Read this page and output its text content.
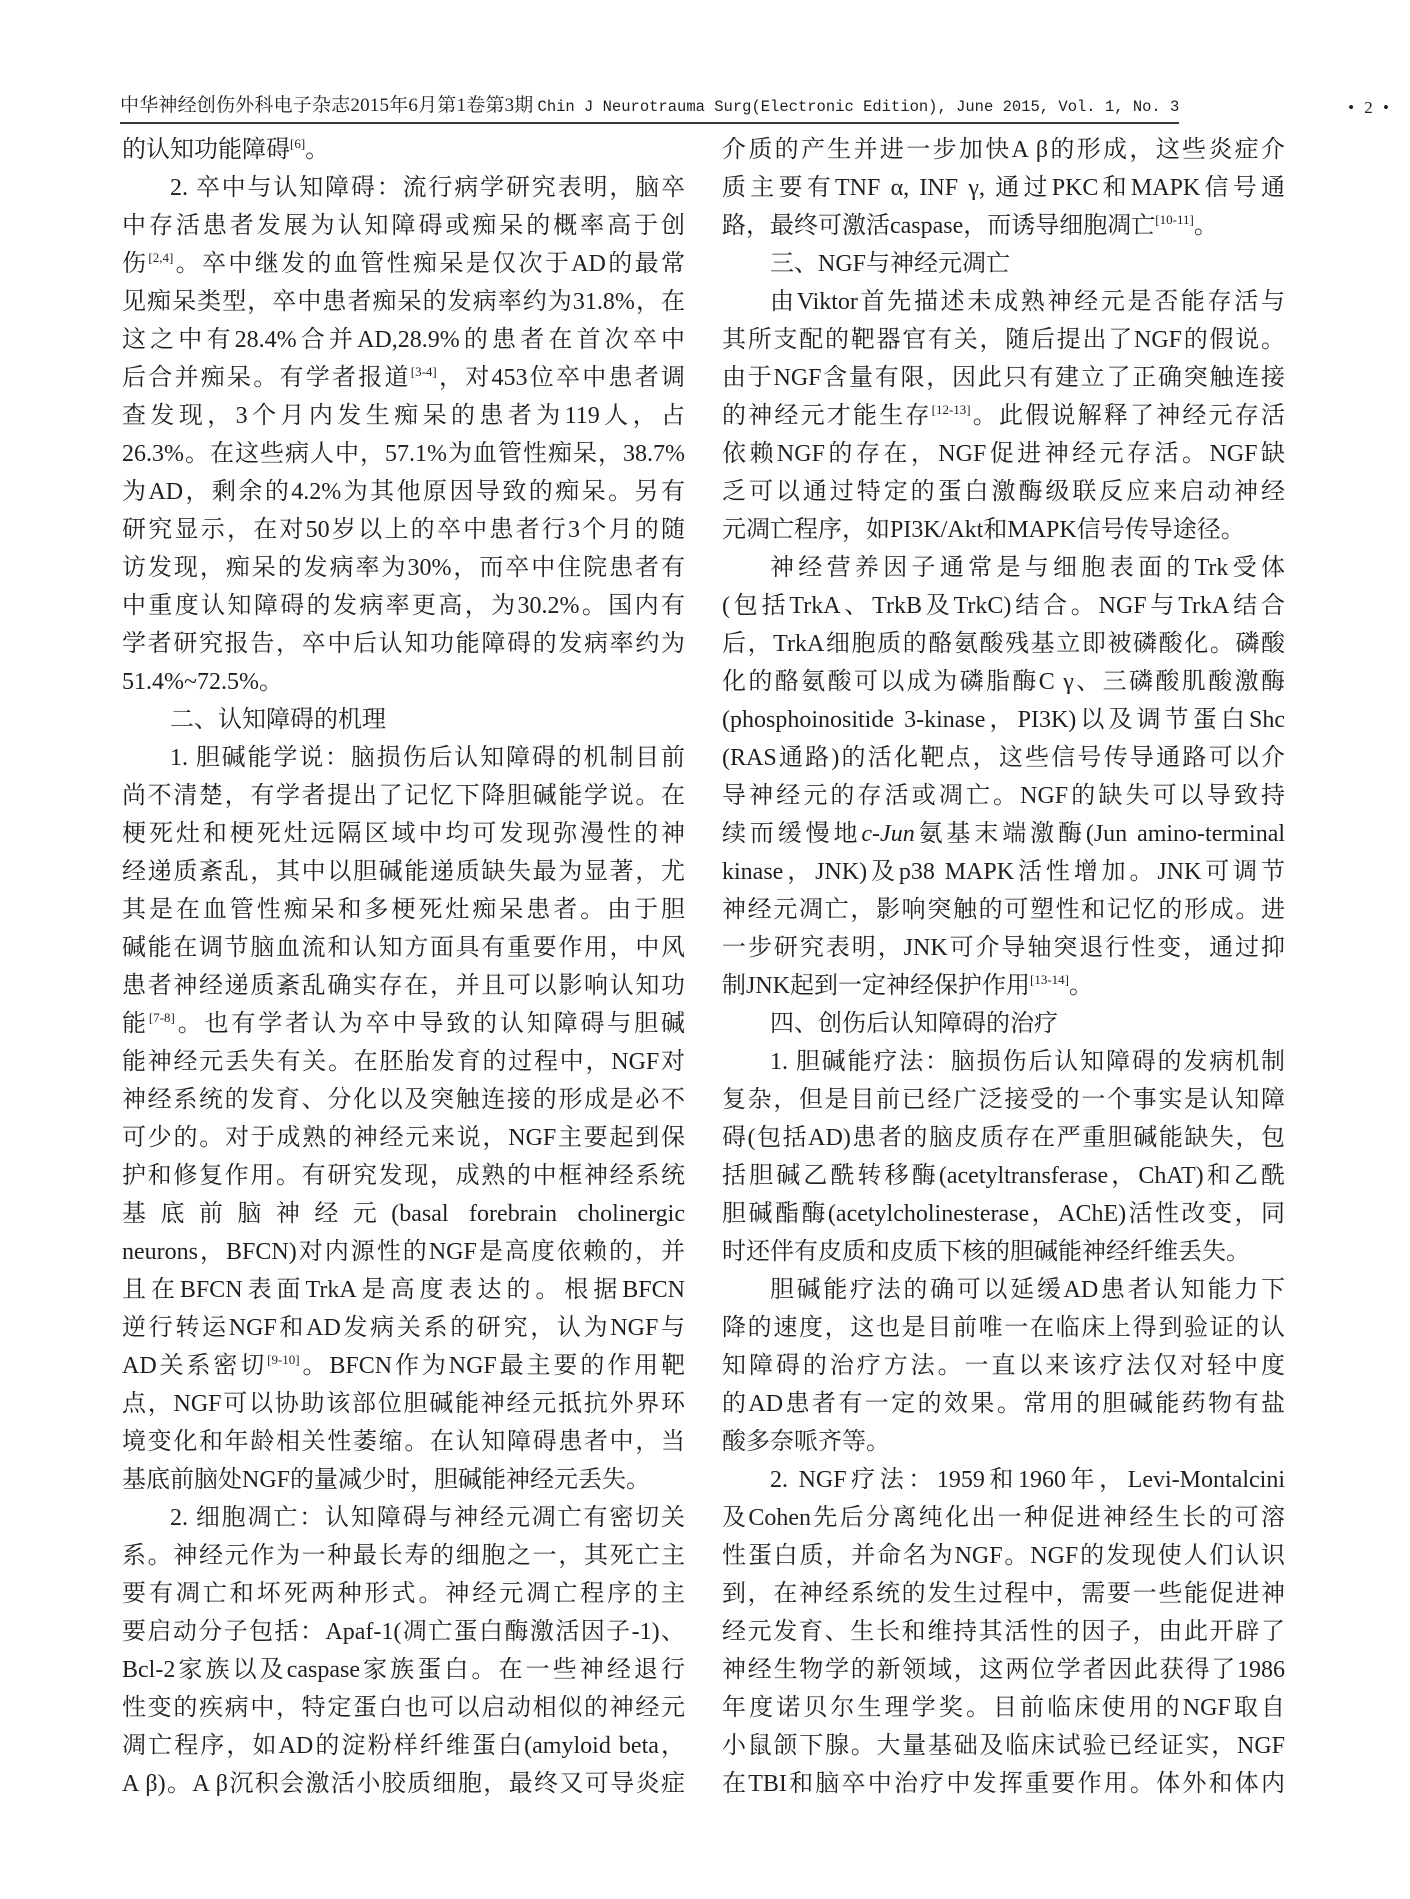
中华神经创伤外科电子杂志2015年6月第1卷第3期 Chin J Neurotrauma Surg(Electronic Edition), June 2015, Vol. 1, No. 3	• 2 •
的认知功能障碍[6]。
2. 卒中与认知障碍：流行病学研究表明，脑卒
中存活患者发展为认知障碍或痴呆的概率高于创
伤[2,4]。卒中继发的血管性痴呆是仅次于AD的最常
见痴呆类型，卒中患者痴呆的发病率约为31.8%，在
这之中有28.4%合并AD,28.9%的患者在首次卒中
后合并痴呆。有学者报道[3-4]，对453位卒中患者调
查发现，3个月内发生痴呆的患者为119人，占
26.3%。在这些病人中，57.1%为血管性痴呆，38.7%
为AD，剩余的4.2%为其他原因导致的痴呆。另有
研究显示，在对50岁以上的卒中患者行3个月的随
访发现，痴呆的发病率为30%，而卒中住院患者有
中重度认知障碍的发病率更高，为30.2%。国内有
学者研究报告，卒中后认知功能障碍的发病率约为
51.4%~72.5%。
二、认知障碍的机理
1. 胆碱能学说：脑损伤后认知障碍的机制目前
尚不清楚，有学者提出了记忆下降胆碱能学说。在
梗死灶和梗死灶远隔区域中均可发现弥漫性的神
经递质紊乱，其中以胆碱能递质缺失最为显著，尤
其是在血管性痴呆和多梗死灶痴呆患者。由于胆
碱能在调节脑血流和认知方面具有重要作用，中风
患者神经递质紊乱确实存在，并且可以影响认知功
能[7-8]。也有学者认为卒中导致的认知障碍与胆碱
能神经元丢失有关。在胚胎发育的过程中，NGF对
神经系统的发育、分化以及突触连接的形成是必不
可少的。对于成熟的神经元来说，NGF主要起到保
护和修复作用。有研究发现，成熟的中框神经系统
基底前脑神经元(basal forebrain cholinergic
neurons，BFCN)对内源性的NGF是高度依赖的，并
且在BFCN表面TrkA是高度表达的。根据BFCN
逆行转运NGF和AD发病关系的研究，认为NGF与
AD关系密切[9-10]。BFCN作为NGF最主要的作用靶
点，NGF可以协助该部位胆碱能神经元抵抗外界环
境变化和年龄相关性萎缩。在认知障碍患者中，当
基底前脑处NGF的量减少时，胆碱能神经元丢失。
2. 细胞凋亡：认知障碍与神经元凋亡有密切关
系。神经元作为一种最长寿的细胞之一，其死亡主
要有凋亡和坏死两种形式。神经元凋亡程序的主
要启动分子包括：Apaf-1(凋亡蛋白酶激活因子-1)、
Bcl-2家族以及caspase家族蛋白。在一些神经退行
性变的疾病中，特定蛋白也可以启动相似的神经元
凋亡程序，如AD的淀粉样纤维蛋白(amyloid beta，
A β)。A β沉积会激活小胶质细胞，最终又可导炎症
介质的产生并进一步加快A β的形成，这些炎症介
质主要有TNF α, INF γ, 通过PKC和MAPK信号通
路，最终可激活caspase，而诱导细胞凋亡[10-11]。
三、NGF与神经元凋亡
由Viktor首先描述未成熟神经元是否能存活与
其所支配的靶器官有关，随后提出了NGF的假说。
由于NGF含量有限，因此只有建立了正确突触连接
的神经元才能生存[12-13]。此假说解释了神经元存活
依赖NGF的存在，NGF促进神经元存活。NGF缺
乏可以通过特定的蛋白激酶级联反应来启动神经
元凋亡程序，如PI3K/Akt和MAPK信号传导途径。
神经营养因子通常是与细胞表面的Trk受体
(包括TrkA、TrkB及TrkC)结合。NGF与TrkA结合
后，TrkA细胞质的酪氨酸残基立即被磷酸化。磷酸
化的酪氨酸可以成为磷脂酶C γ、三磷酸肌酸激酶
(phosphoinositide 3-kinase，PI3K)以及调节蛋白Shc
(RAS通路)的活化靶点，这些信号传导通路可以介
导神经元的存活或凋亡。NGF的缺失可以导致持
续而缓慢地c-Jun氨基末端激酶(Jun amino-terminal
kinase，JNK)及p38 MAPK活性增加。JNK可调节
神经元凋亡，影响突触的可塑性和记忆的形成。进
一步研究表明，JNK可介导轴突退行性变，通过抑
制JNK起到一定神经保护作用[13-14]。
四、创伤后认知障碍的治疗
1. 胆碱能疗法：脑损伤后认知障碍的发病机制
复杂，但是目前已经广泛接受的一个事实是认知障
碍(包括AD)患者的脑皮质存在严重胆碱能缺失，包
括胆碱乙酰转移酶(acetyltransferase，ChAT)和乙酰
胆碱酯酶(acetylcholinesterase，AChE)活性改变，同
时还伴有皮质和皮质下核的胆碱能神经纤维丢失。
胆碱能疗法的确可以延缓AD患者认知能力下
降的速度，这也是目前唯一在临床上得到验证的认
知障碍的治疗方法。一直以来该疗法仅对轻中度
的AD患者有一定的效果。常用的胆碱能药物有盐
酸多奈哌齐等。
2. NGF疗法：1959和1960年，Levi-Montalcini
及Cohen先后分离纯化出一种促进神经生长的可溶
性蛋白质，并命名为NGF。NGF的发现使人们认识
到，在神经系统的发生过程中，需要一些能促进神
经元发育、生长和维持其活性的因子，由此开辟了
神经生物学的新领域，这两位学者因此获得了1986
年度诺贝尔生理学奖。目前临床使用的NGF取自
小鼠颌下腺。大量基础及临床试验已经证实，NGF
在TBI和脑卒中治疗中发挥重要作用。体外和体内
